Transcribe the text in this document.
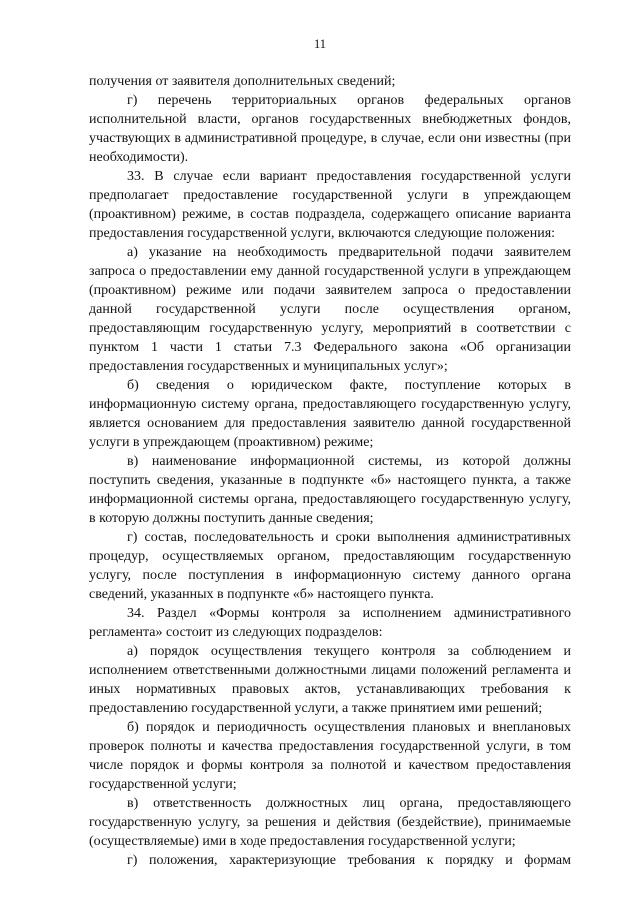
11

получения от заявителя дополнительных сведений;

г) перечень территориальных органов федеральных органов исполнительной власти, органов государственных внебюджетных фондов, участвующих в административной процедуре, в случае, если они известны (при необходимости).

33. В случае если вариант предоставления государственной услуги предполагает предоставление государственной услуги в упреждающем (проактивном) режиме, в состав подраздела, содержащего описание варианта предоставления государственной услуги, включаются следующие положения:

а) указание на необходимость предварительной подачи заявителем запроса о предоставлении ему данной государственной услуги в упреждающем (проактивном) режиме или подачи заявителем запроса о предоставлении данной государственной услуги после осуществления органом, предоставляющим государственную услугу, мероприятий в соответствии с пунктом 1 части 1 статьи 7.3 Федерального закона «Об организации предоставления государственных и муниципальных услуг»;

б) сведения о юридическом факте, поступление которых в информационную систему органа, предоставляющего государственную услугу, является основанием для предоставления заявителю данной государственной услуги в упреждающем (проактивном) режиме;

в) наименование информационной системы, из которой должны поступить сведения, указанные в подпункте «б» настоящего пункта, а также информационной системы органа, предоставляющего государственную услугу, в которую должны поступить данные сведения;

г) состав, последовательность и сроки выполнения административных процедур, осуществляемых органом, предоставляющим государственную услугу, после поступления в информационную систему данного органа сведений, указанных в подпункте «б» настоящего пункта.

34. Раздел «Формы контроля за исполнением административного регламента» состоит из следующих подразделов:

а) порядок осуществления текущего контроля за соблюдением и исполнением ответственными должностными лицами положений регламента и иных нормативных правовых актов, устанавливающих требования к предоставлению государственной услуги, а также принятием ими решений;

б) порядок и периодичность осуществления плановых и внеплановых проверок полноты и качества предоставления государственной услуги, в том числе порядок и формы контроля за полнотой и качеством предоставления государственной услуги;

в) ответственность должностных лиц органа, предоставляющего государственную услугу, за решения и действия (бездействие), принимаемые (осуществляемые) ими в ходе предоставления государственной услуги;

г) положения, характеризующие требования к порядку и формам
